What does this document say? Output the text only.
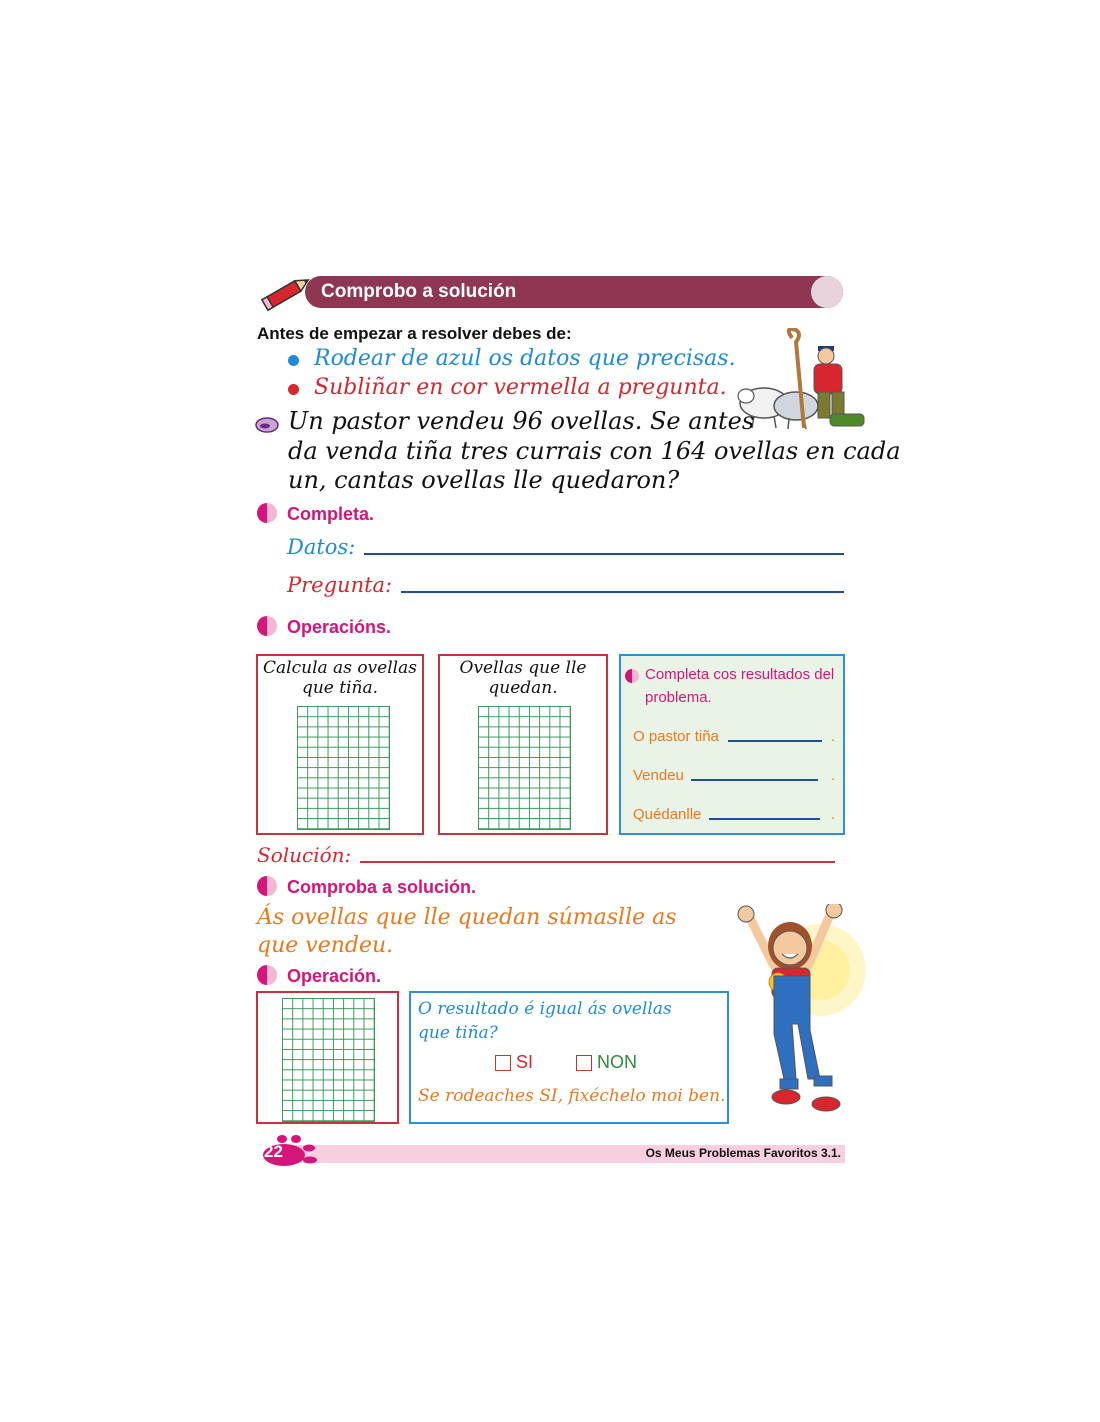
Comprobo a solución
Antes de empezar a resolver debes de:
Rodear de azul os datos que precisas.
Subliñar en cor vermella a pregunta.
Un pastor vendeu 96 ovellas. Se antes
da venda tiña tres currais con 164 ovellas en cada
un, cantas ovellas lle quedaron?
Completa.
Datos:
Pregunta:
Operacións.
Calcula as ovellas
que tiña.
Ovellas que lle
quedan.
Completa cos resultados del
problema.
O pastor tiña	.
Vendeu	.
Quédanlle	.
Solución:
Comproba a solución.
Ás ovellas que lle quedan súmaslle as
que vendeu.
Operación.
O resultado é igual ás ovellas
que tiña?
SI	NON
Se rodeaches SI, fixéchelo moi ben.
22	Os Meus Problemas Favoritos 3.1.
